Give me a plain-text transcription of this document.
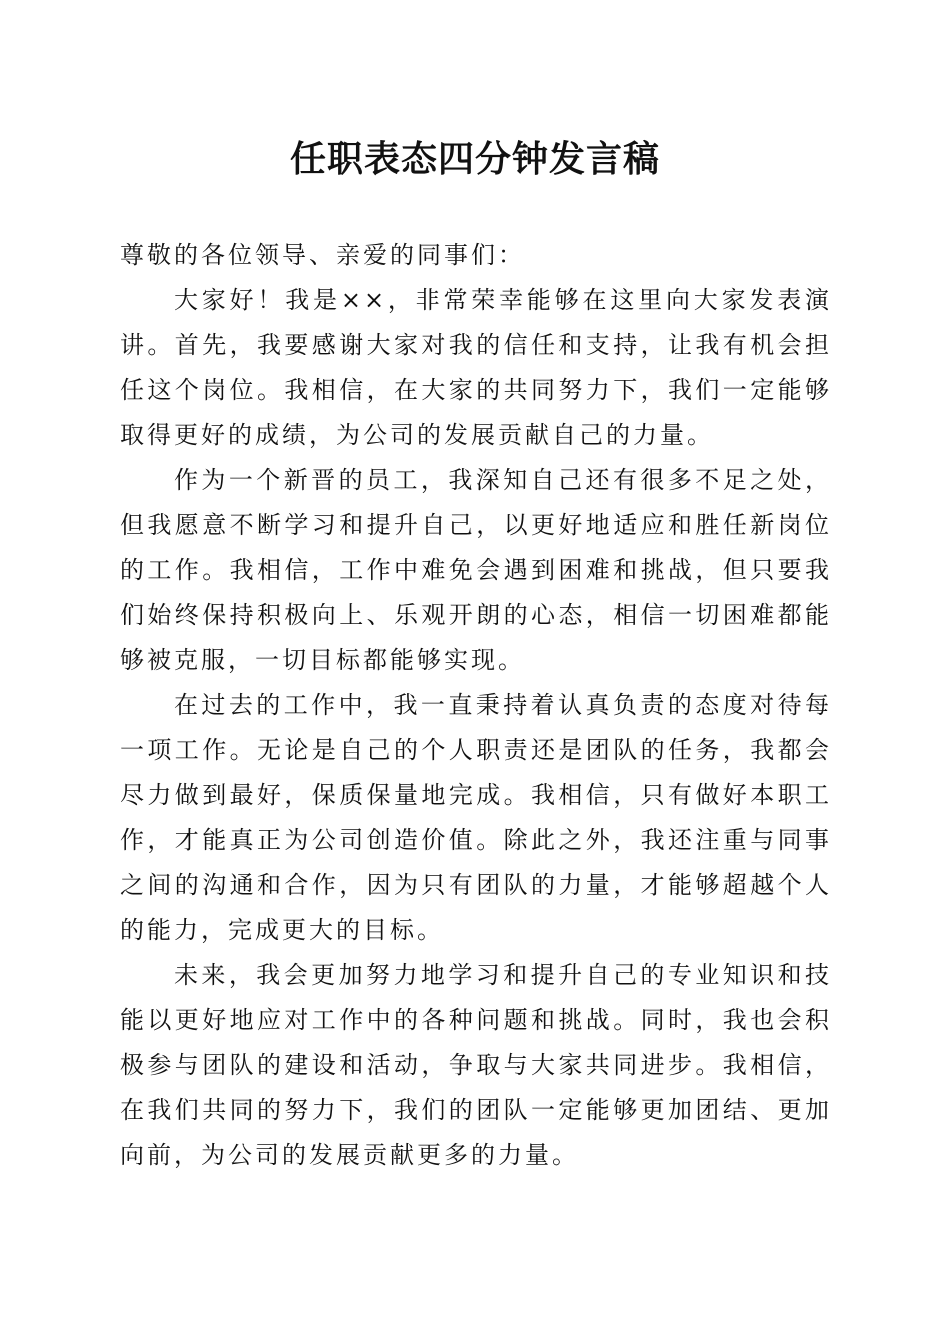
任职表态四分钟发言稿

尊敬的各位领导、亲爱的同事们：

大家好！我是××，非常荣幸能够在这里向大家发表演讲。首先，我要感谢大家对我的信任和支持，让我有机会担任这个岗位。我相信，在大家的共同努力下，我们一定能够取得更好的成绩，为公司的发展贡献自己的力量。

作为一个新晋的员工，我深知自己还有很多不足之处，但我愿意不断学习和提升自己，以更好地适应和胜任新岗位的工作。我相信，工作中难免会遇到困难和挑战，但只要我们始终保持积极向上、乐观开朗的心态，相信一切困难都能够被克服，一切目标都能够实现。

在过去的工作中，我一直秉持着认真负责的态度对待每一项工作。无论是自己的个人职责还是团队的任务，我都会尽力做到最好，保质保量地完成。我相信，只有做好本职工作，才能真正为公司创造价值。除此之外，我还注重与同事之间的沟通和合作，因为只有团队的力量，才能够超越个人的能力，完成更大的目标。

未来，我会更加努力地学习和提升自己的专业知识和技能以更好地应对工作中的各种问题和挑战。同时，我也会积极参与团队的建设和活动，争取与大家共同进步。我相信，在我们共同的努力下，我们的团队一定能够更加团结、更加向前，为公司的发展贡献更多的力量。
